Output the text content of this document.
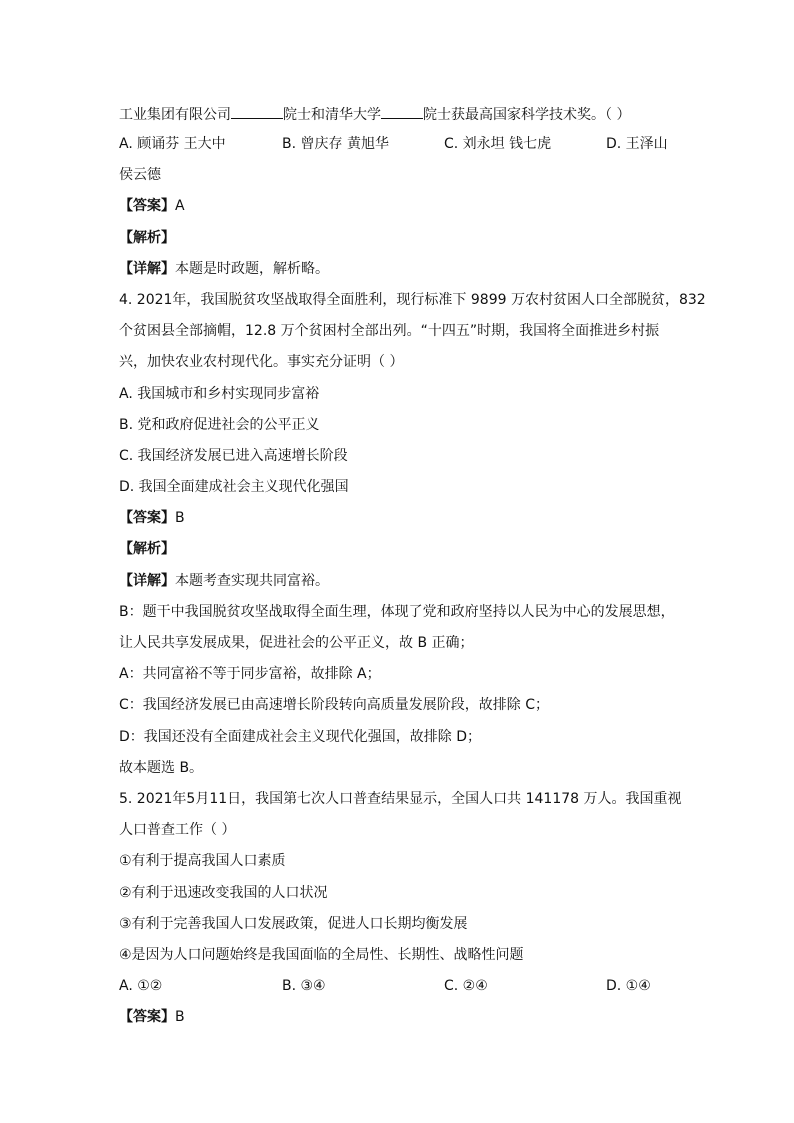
工业集团有限公司	院士和清华大学	院士获最高国家科学技术奖。（ ）
A. 顾诵芬 王大中	B. 曾庆存 黄旭华	C. 刘永坦 钱七虎	D. 王泽山
侯云德
【答案】A
【解析】
【详解】本题是时政题，解析略。
4. 2021年，我国脱贫攻坚战取得全面胜利，现行标准下 9899 万农村贫困人口全部脱贫，832
个贫困县全部摘帽，12.8 万个贫困村全部出列。“十四五”时期，我国将全面推进乡村振
兴，加快农业农村现代化。事实充分证明（ ）
A. 我国城市和乡村实现同步富裕
B. 党和政府促进社会的公平正义
C. 我国经济发展已进入高速增长阶段
D. 我国全面建成社会主义现代化强国
【答案】B
【解析】
【详解】本题考查实现共同富裕。
B：题干中我国脱贫攻坚战取得全面生理，体现了党和政府坚持以人民为中心的发展思想，
让人民共享发展成果，促进社会的公平正义，故 B 正确；
A：共同富裕不等于同步富裕，故排除 A；
C：我国经济发展已由高速增长阶段转向高质量发展阶段，故排除 C；
D：我国还没有全面建成社会主义现代化强国，故排除 D；
故本题选 B。
5. 2021年5月11日，我国第七次人口普查结果显示，全国人口共 141178 万人。我国重视
人口普查工作（ ）
①有利于提高我国人口素质
②有利于迅速改变我国的人口状况
③有利于完善我国人口发展政策，促进人口长期均衡发展
④是因为人口问题始终是我国面临的全局性、长期性、战略性问题
A. ①②	B. ③④	C. ②④	D. ①④
【答案】B
